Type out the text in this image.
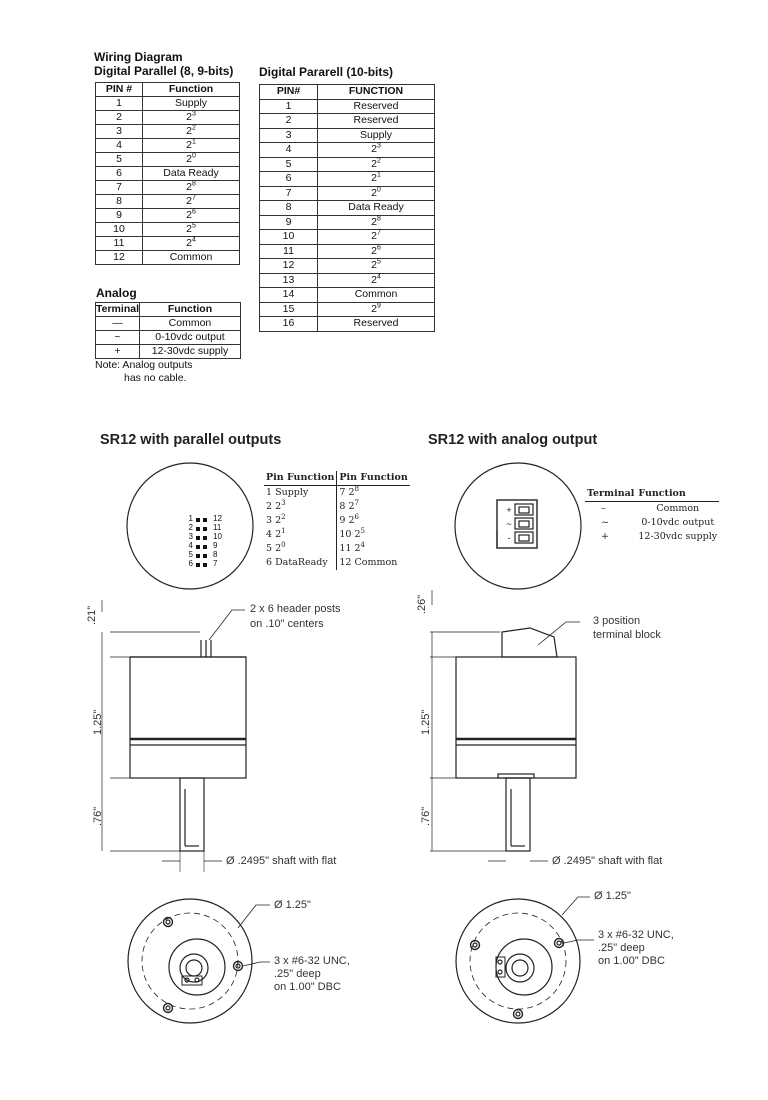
Wiring Diagram
Digital Parallel (8, 9-bits) Digital Pararell (10-bits)
PIN #	Function
1	Supply
2	$2^3$
3	$2^2$
4	$2^1$
5	$2^0$
6	Data Ready
7	$2^8$
8	$2^7$
9	$2^6$
10	$2^5$
11	$2^4$
12	Common
PIN#	FUNCTION
1	Reserved
2	Reserved
3	Supply
4	$2^3$
5	$2^2$
6	$2^1$
7	$2^0$
8	Data Ready
9	$2^8$
10	$2^7$
11	$2^6$
12	$2^5$
13	$2^4$
14	Common
15	$2^9$
16	Reserved
Analog
Terminal	Function
—	Common
~	0-10vdc output
+	12-30vdc supply
Note: Analog outputs
has no cable.
SR12 with parallel outputs	SR12 with analog output
1
2
3
4
5
6
12
11
10
9
8
7
Pin Function	Pin Function
1 Supply	7 $2^8$
2 $2^3$	8 $2^7$
3 $2^2$	9 $2^6$
4 $2^1$	10 $2^5$
5 $2^0$	11 $2^4$
6 DataReady	12 Common
Terminal	Function
–	Common
~	0-10vdc output
+	12-30vdc supply
+
~
-
2 x 6 header posts
on .10" centers
.21"
1.25"
.76"
Ø .2495" shaft with flat
Ø 1.25"
3 x #6-32 UNC,
.25" deep
on 1.00" DBC
3 position
terminal block
.26"
1.25"
.76"
Ø .2495" shaft with flat
Ø 1.25"
3 x #6-32 UNC,
.25" deep
on 1.00" DBC
